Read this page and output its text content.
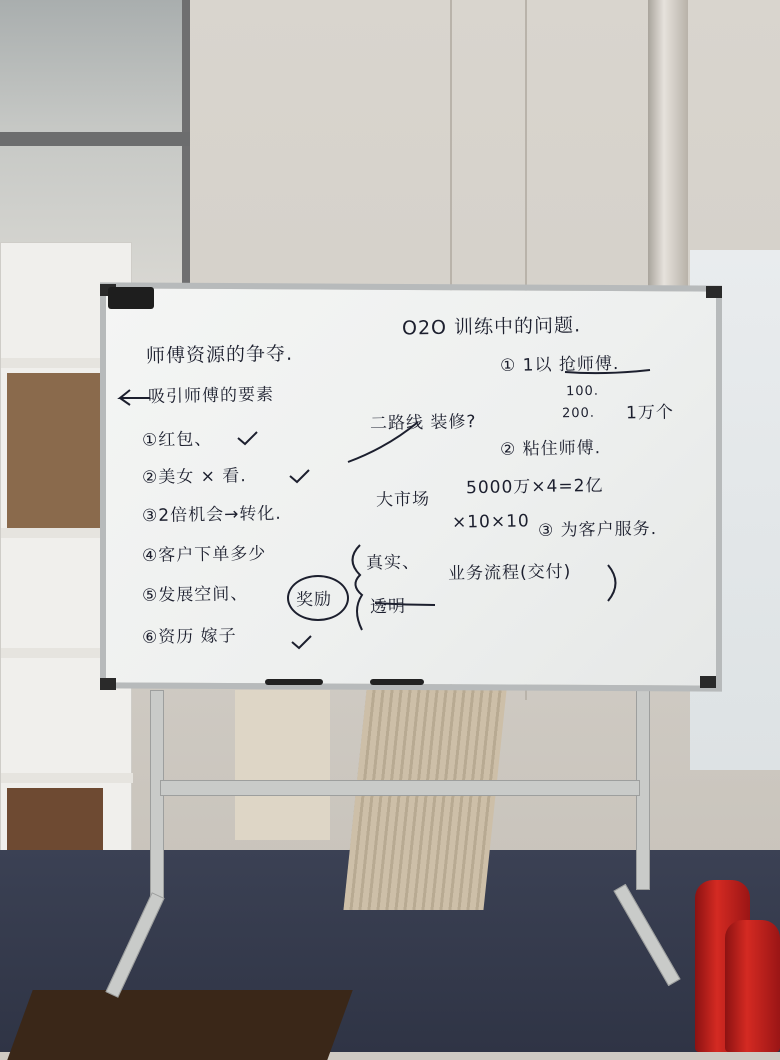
师傅资源的争夺.
吸引师傅的要素
①红包、
②美女 × 看.
③2倍机会→转化.
④客户下单多少
⑤发展空间、
⑥资历 嫁子
奖励
O2O 训练中的问题.
① 1以 抢师傅.
100.
200. 1万个
二路线 装修?
② 粘住师傅.
大市场
5000万×4=2亿
×10×10 ③ 为客户服务.
真实、 业务流程(交付)
透明
